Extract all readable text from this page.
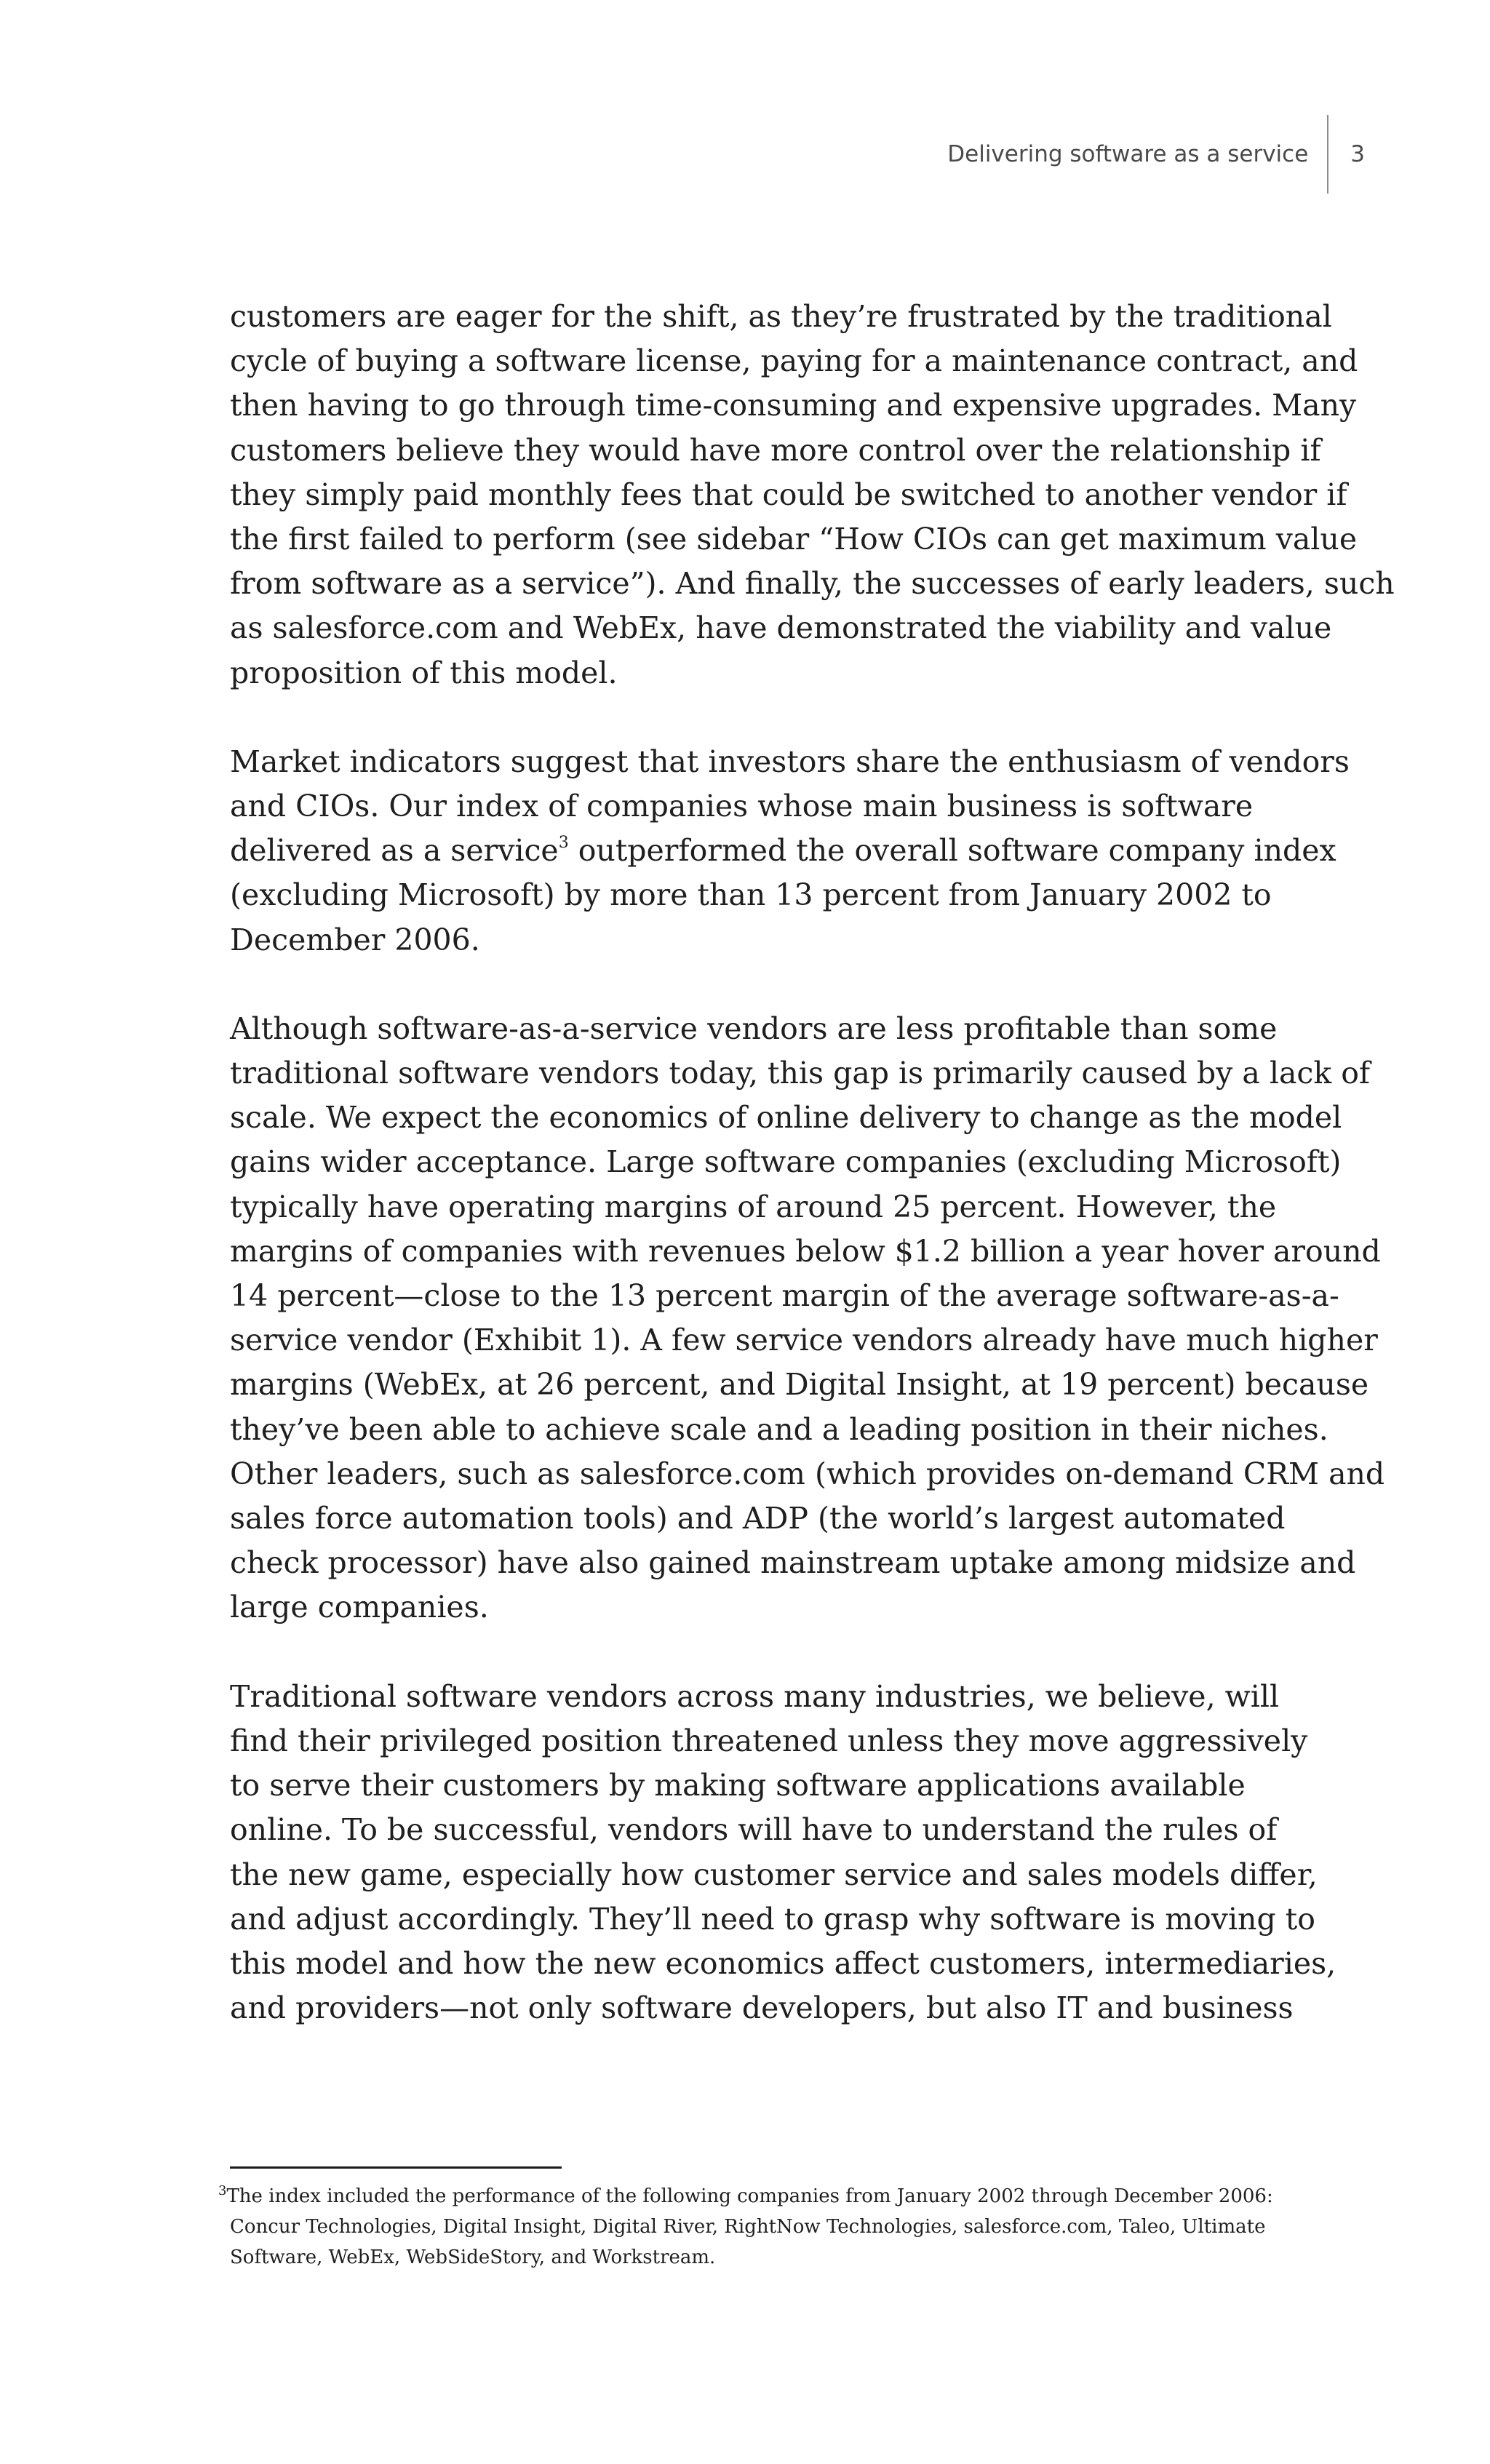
Delivering software as a service	3

customers are eager for the shift, as they’re frustrated by the traditional
cycle of buying a software license, paying for a maintenance contract, and
then having to go through time-consuming and expensive upgrades. Many
customers believe they would have more control over the relationship if
they simply paid monthly fees that could be switched to another vendor if
the first failed to perform (see sidebar “How CIOs can get maximum value
from software as a service”). And finally, the successes of early leaders, such
as salesforce.com and WebEx, have demonstrated the viability and value
proposition of this model.

Market indicators suggest that investors share the enthusiasm of vendors
and CIOs. Our index of companies whose main business is software
delivered as a service$^3$ outperformed the overall software company index
(excluding Microsoft) by more than 13 percent from January 2002 to
December 2006.

Although software-as-a-service vendors are less profitable than some
traditional software vendors today, this gap is primarily caused by a lack of
scale. We expect the economics of online delivery to change as the model
gains wider acceptance. Large software companies (excluding Microsoft)
typically have operating margins of around 25 percent. However, the
margins of companies with revenues below $1.2 billion a year hover around
14 percent—close to the 13 percent margin of the average software-as-a-
service vendor (Exhibit 1). A few service vendors already have much higher
margins (WebEx, at 26 percent, and Digital Insight, at 19 percent) because
they’ve been able to achieve scale and a leading position in their niches.
Other leaders, such as salesforce.com (which provides on-demand CRM and
sales force automation tools) and ADP (the world’s largest automated
check processor) have also gained mainstream uptake among midsize and
large companies.

Traditional software vendors across many industries, we believe, will
find their privileged position threatened unless they move aggressively
to serve their customers by making software applications available
online. To be successful, vendors will have to understand the rules of
the new game, especially how customer service and sales models differ,
and adjust accordingly. They’ll need to grasp why software is moving to
this model and how the new economics affect customers, intermediaries,
and providers—not only software developers, but also IT and business

$^3$The index included the performance of the following companies from January 2002 through December 2006:
Concur Technologies, Digital Insight, Digital River, RightNow Technologies, salesforce.com, Taleo, Ultimate
Software, WebEx, WebSideStory, and Workstream.
